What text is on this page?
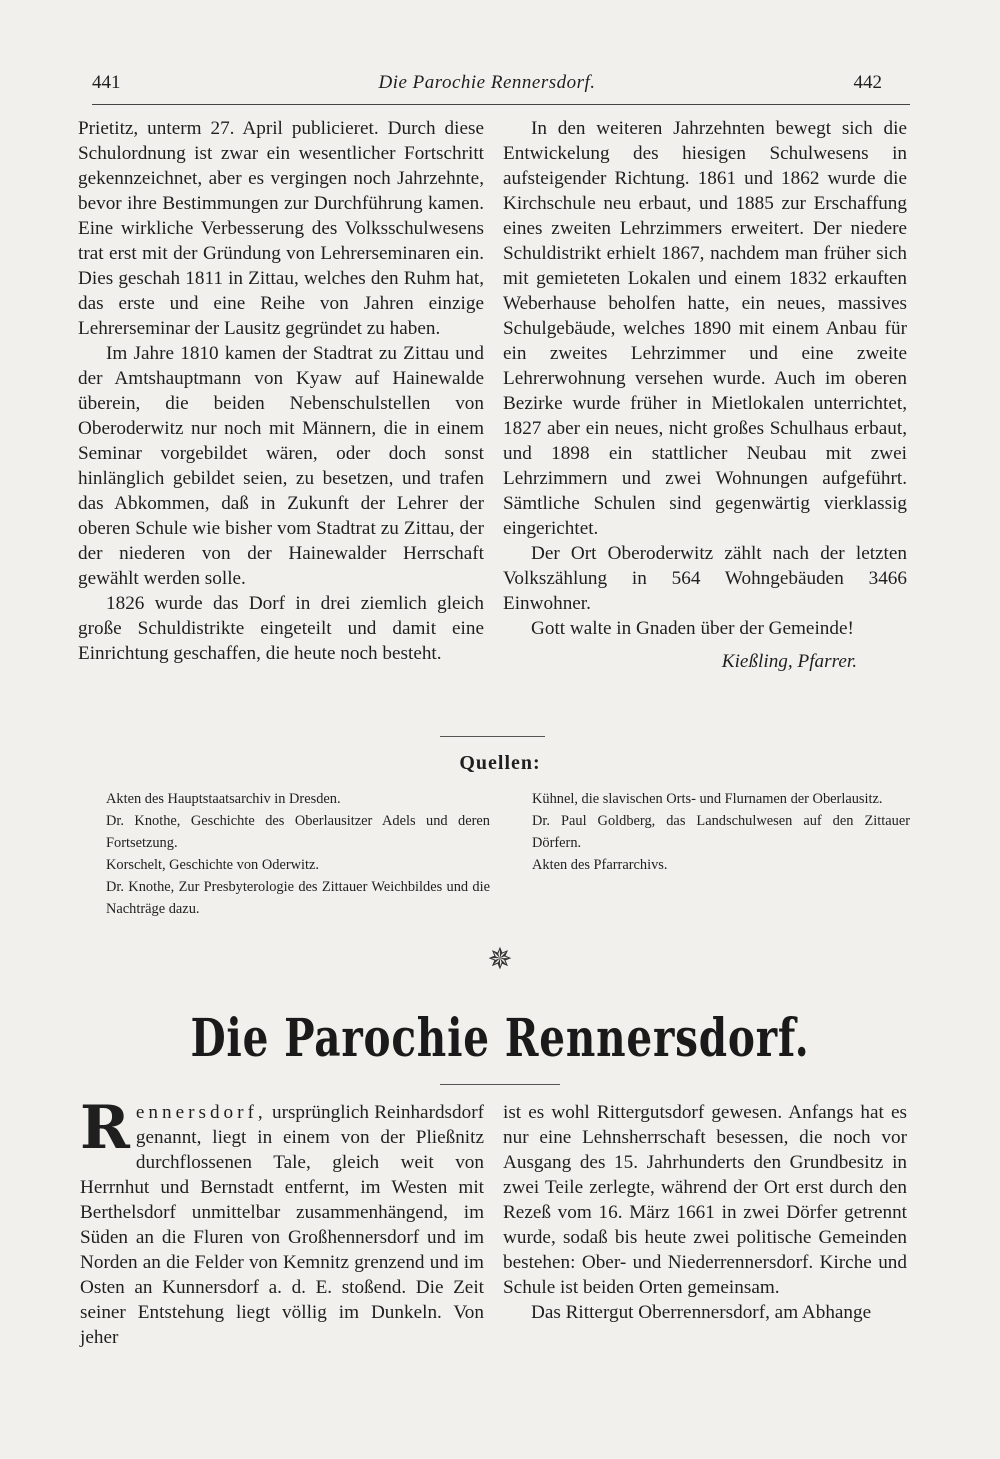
441	Die Parochie Rennersdorf.	442

Prietitz, unterm 27. April publicieret. Durch diese Schulordnung ist zwar ein wesentlicher Fortschritt gekennzeichnet, aber es vergingen noch Jahrzehnte, bevor ihre Bestimmungen zur Durchführung kamen. Eine wirkliche Verbesserung des Volksschulwesens trat erst mit der Gründung von Lehrerseminaren ein. Dies geschah 1811 in Zittau, welches den Ruhm hat, das erste und eine Reihe von Jahren einzige Lehrerseminar der Lausitz gegründet zu haben.

Im Jahre 1810 kamen der Stadtrat zu Zittau und der Amtshauptmann von Kyaw auf Hainewalde überein, die beiden Nebenschulstellen von Oberoderwitz nur noch mit Männern, die in einem Seminar vorgebildet wären, oder doch sonst hinlänglich gebildet seien, zu besetzen, und trafen das Abkommen, daß in Zukunft der Lehrer der oberen Schule wie bisher vom Stadtrat zu Zittau, der der niederen von der Hainewalder Herrschaft gewählt werden solle.

1826 wurde das Dorf in drei ziemlich gleich große Schuldistrikte eingeteilt und damit eine Einrichtung geschaffen, die heute noch besteht.

In den weiteren Jahrzehnten bewegt sich die Entwickelung des hiesigen Schulwesens in aufsteigender Richtung. 1861 und 1862 wurde die Kirchschule neu erbaut, und 1885 zur Erschaffung eines zweiten Lehrzimmers erweitert. Der niedere Schuldistrikt erhielt 1867, nachdem man früher sich mit gemieteten Lokalen und einem 1832 erkauften Weberhause beholfen hatte, ein neues, massives Schulgebäude, welches 1890 mit einem Anbau für ein zweites Lehrzimmer und eine zweite Lehrerwohnung versehen wurde. Auch im oberen Bezirke wurde früher in Mietlokalen unterrichtet, 1827 aber ein neues, nicht großes Schulhaus erbaut, und 1898 ein stattlicher Neubau mit zwei Lehrzimmern und zwei Wohnungen aufgeführt. Sämtliche Schulen sind gegenwärtig vierklassig eingerichtet.

Der Ort Oberoderwitz zählt nach der letzten Volkszählung in 564 Wohngebäuden 3466 Einwohner.

Gott walte in Gnaden über der Gemeinde!

Kießling, Pfarrer.

Quellen:

Akten des Hauptstaatsarchiv in Dresden.

Dr. Knothe, Geschichte des Oberlausitzer Adels und deren Fortsetzung.

Korschelt, Geschichte von Oderwitz.

Dr. Knothe, Zur Presbyterologie des Zittauer Weichbildes und die Nachträge dazu.

Kühnel, die slavischen Orts- und Flurnamen der Oberlausitz.

Dr. Paul Goldberg, das Landschulwesen auf den Zittauer Dörfern.

Akten des Pfarrarchivs.

✵
Die Parochie Rennersdorf.

Rennersdorf, ursprünglich Reinhardsdorf genannt, liegt in einem von der Pließnitz durchflossenen Tale, gleich weit von Herrnhut und Bernstadt entfernt, im Westen mit Berthelsdorf unmittelbar zusammenhängend, im Süden an die Fluren von Großhennersdorf und im Norden an die Felder von Kemnitz grenzend und im Osten an Kunnersdorf a. d. E. stoßend. Die Zeit seiner Entstehung liegt völlig im Dunkeln. Von jeher

ist es wohl Rittergutsdorf gewesen. Anfangs hat es nur eine Lehnsherrschaft besessen, die noch vor Ausgang des 15. Jahrhunderts den Grundbesitz in zwei Teile zerlegte, während der Ort erst durch den Rezeß vom 16. März 1661 in zwei Dörfer getrennt wurde, sodaß bis heute zwei politische Gemeinden bestehen: Ober- und Niederrennersdorf. Kirche und Schule ist beiden Orten gemeinsam.

Das Rittergut Oberrennersdorf, am Abhange
